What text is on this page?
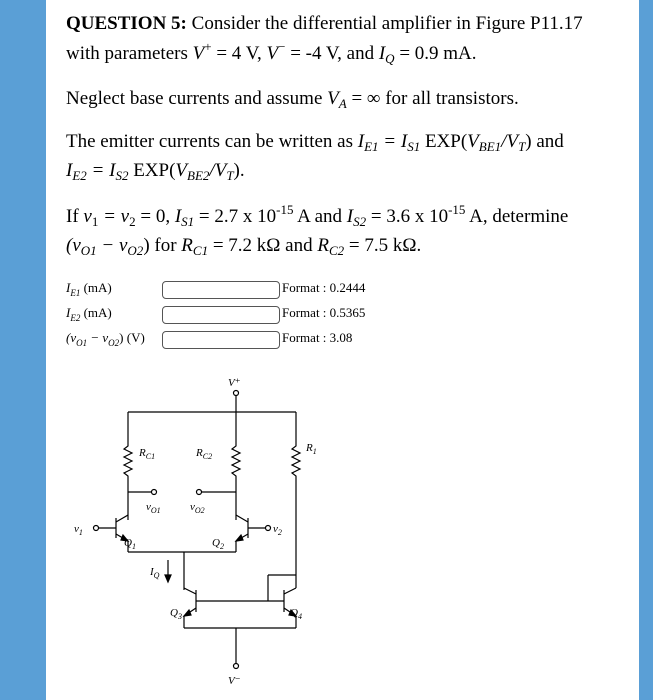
QUESTION 5: Consider the differential amplifier in Figure P11.17
with parameters V+ = 4 V, V− = -4 V, and $I_Q = 0.9$ mA.
Neglect base currents and assume $V_A$ = ∞ for all transistors.
The emitter currents can be written as $I_{E1} = I_{S1}$ $EXP(V_{BE1}/V_T)$ and
$I_{E2} = I_{S2}$ $EXP(V_{BE2}/V_T)$.
If $v_1 = v_2 = 0$, $I_{S1} = 2.7$ x $10^{-15}$ A and $I_{S2} = 3.6$ x $10^{-15}$ A, determine
$(v_{O1} - v_{O2})$ for $R_{C1} = 7.2$ kΩ and $R_{C2} = 7.5$ kΩ.
$I_{E1}$ (mA)	Format : 0.2444
$I_{E2}$ (mA)	Format : 0.5365
$(v_{O1} - v_{O2})$ (V)	Format : 3.08
V⁺
V⁻
$R_{C1}$	$R_{C2}$
$R_1$
$v_{O1}$	$v_{O2}$
$v_1$	$v_2$
$Q_1$	$Q_2$
$Q_3$	$Q_4$
$I_Q$
